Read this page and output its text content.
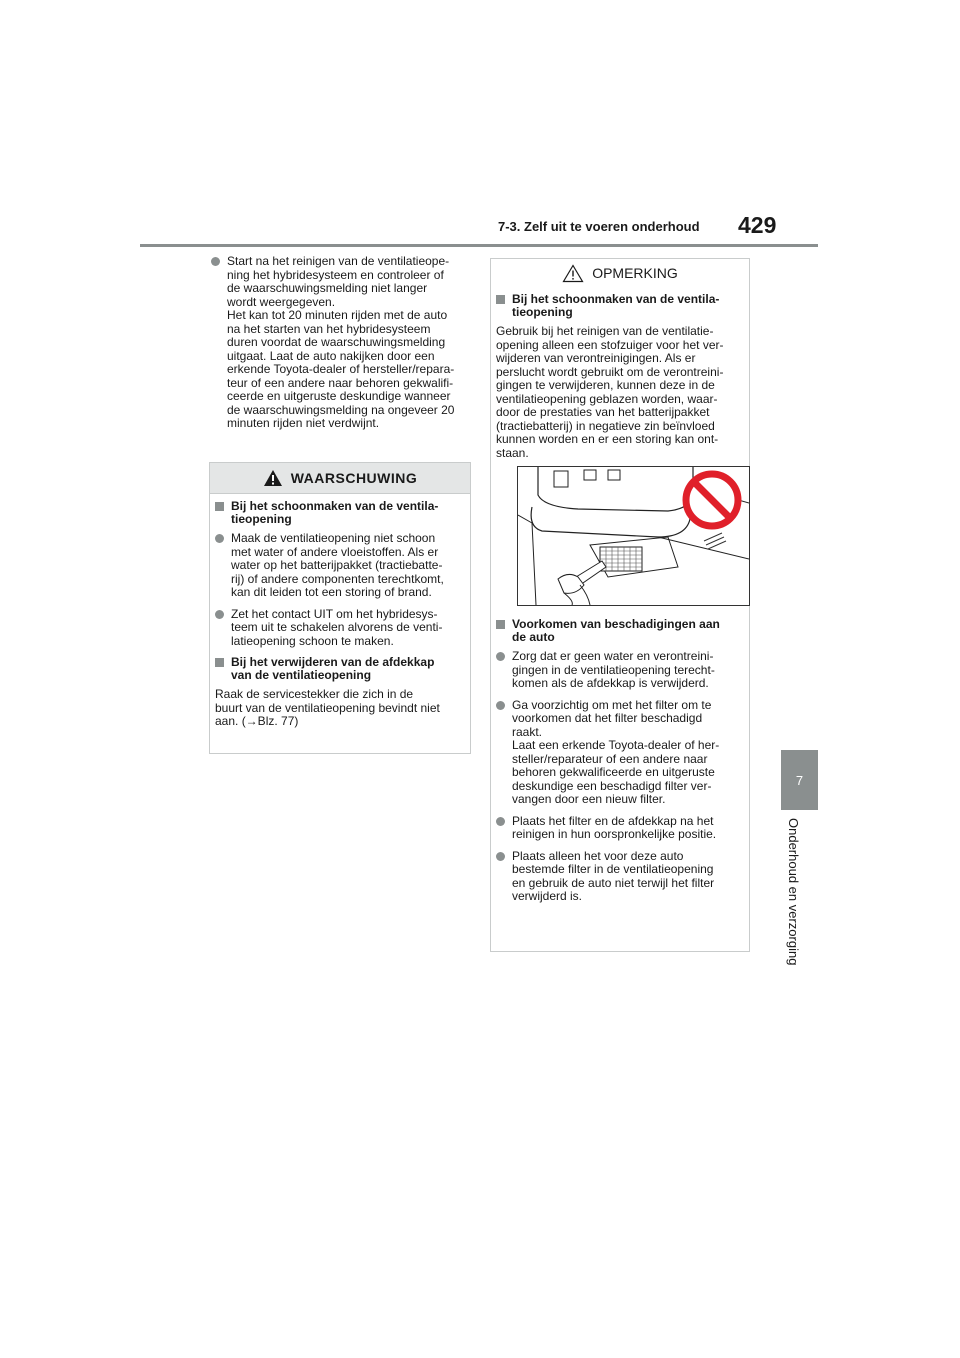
7-3. Zelf uit te voeren onderhoud 429
7
Onderhoud en verzorging
Start na het reinigen van de ventilatieope-
ning het hybridesysteem en controleer of
de waarschuwingsmelding niet langer
wordt weergegeven.
Het kan tot 20 minuten rijden met de auto
na het starten van het hybridesysteem
duren voordat de waarschuwingsmelding
uitgaat. Laat de auto nakijken door een
erkende Toyota-dealer of hersteller/repara-
teur of een andere naar behoren gekwalifi-
ceerde en uitgeruste deskundige wanneer
de waarschuwingsmelding na ongeveer 20
minuten rijden niet verdwijnt.
WAARSCHUWING
Bij het schoonmaken van de ventila-
tieopening
Maak de ventilatieopening niet schoon
met water of andere vloeistoffen. Als er
water op het batterijpakket (tractiebatte-
rij) of andere componenten terechtkomt,
kan dit leiden tot een storing of brand.
Zet het contact UIT om het hybridesys-
teem uit te schakelen alvorens de venti-
latieopening schoon te maken.
Bij het verwijderen van de afdekkap
van de ventilatieopening
Raak de servicestekker die zich in de
buurt van de ventilatieopening bevindt niet
aan. (→Blz. 77)
OPMERKING
Bij het schoonmaken van de ventila-
tieopening
Gebruik bij het reinigen van de ventilatie-
opening alleen een stofzuiger voor het ver-
wijderen van verontreinigingen. Als er
perslucht wordt gebruikt om de verontreini-
gingen te verwijderen, kunnen deze in de
ventilatieopening geblazen worden, waar-
door de prestaties van het batterijpakket
(tractiebatterij) in negatieve zin beïnvloed
kunnen worden en er een storing kan ont-
staan.
Voorkomen van beschadigingen aan
de auto
Zorg dat er geen water en verontreini-
gingen in de ventilatieopening terecht-
komen als de afdekkap is verwijderd.
Ga voorzichtig om met het filter om te
voorkomen dat het filter beschadigd
raakt.
Laat een erkende Toyota-dealer of her-
steller/reparateur of een andere naar
behoren gekwalificeerde en uitgeruste
deskundige een beschadigd filter ver-
vangen door een nieuw filter.
Plaats het filter en de afdekkap na het
reinigen in hun oorspronkelijke positie.
Plaats alleen het voor deze auto
bestemde filter in de ventilatieopening
en gebruik de auto niet terwijl het filter
verwijderd is.
